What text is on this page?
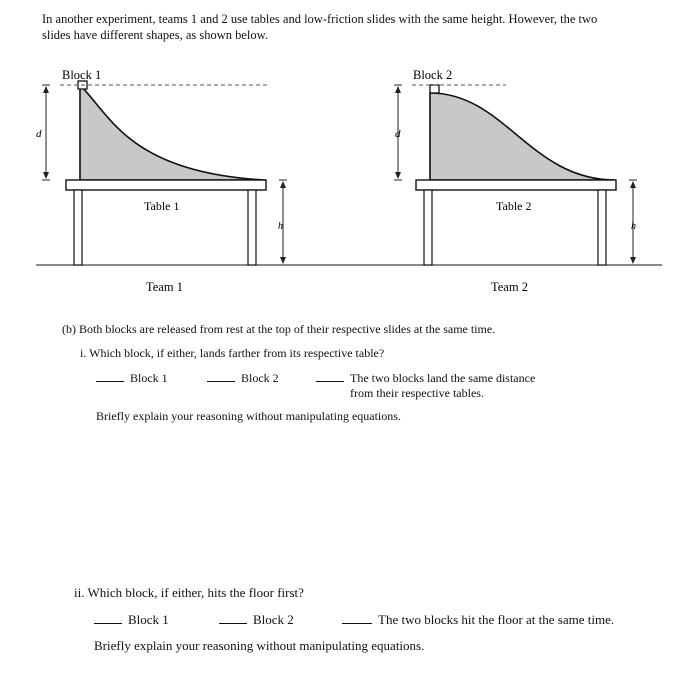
In another experiment, teams 1 and 2 use tables and low-friction slides with the same height. However, the two
slides have different shapes, as shown below.
Block 1	Block 2
d	d
h	h
Table 1	Table 2
Team 1	Team 2
(b) Both blocks are released from rest at the top of their respective slides at the same time.
i. Which block, if either, lands farther from its respective table?
Block 1	Block 2	The two blocks land the same distance
from their respective tables.
Briefly explain your reasoning without manipulating equations.
ii. Which block, if either, hits the floor first?
Block 1	Block 2	The two blocks hit the floor at the same time.
Briefly explain your reasoning without manipulating equations.
